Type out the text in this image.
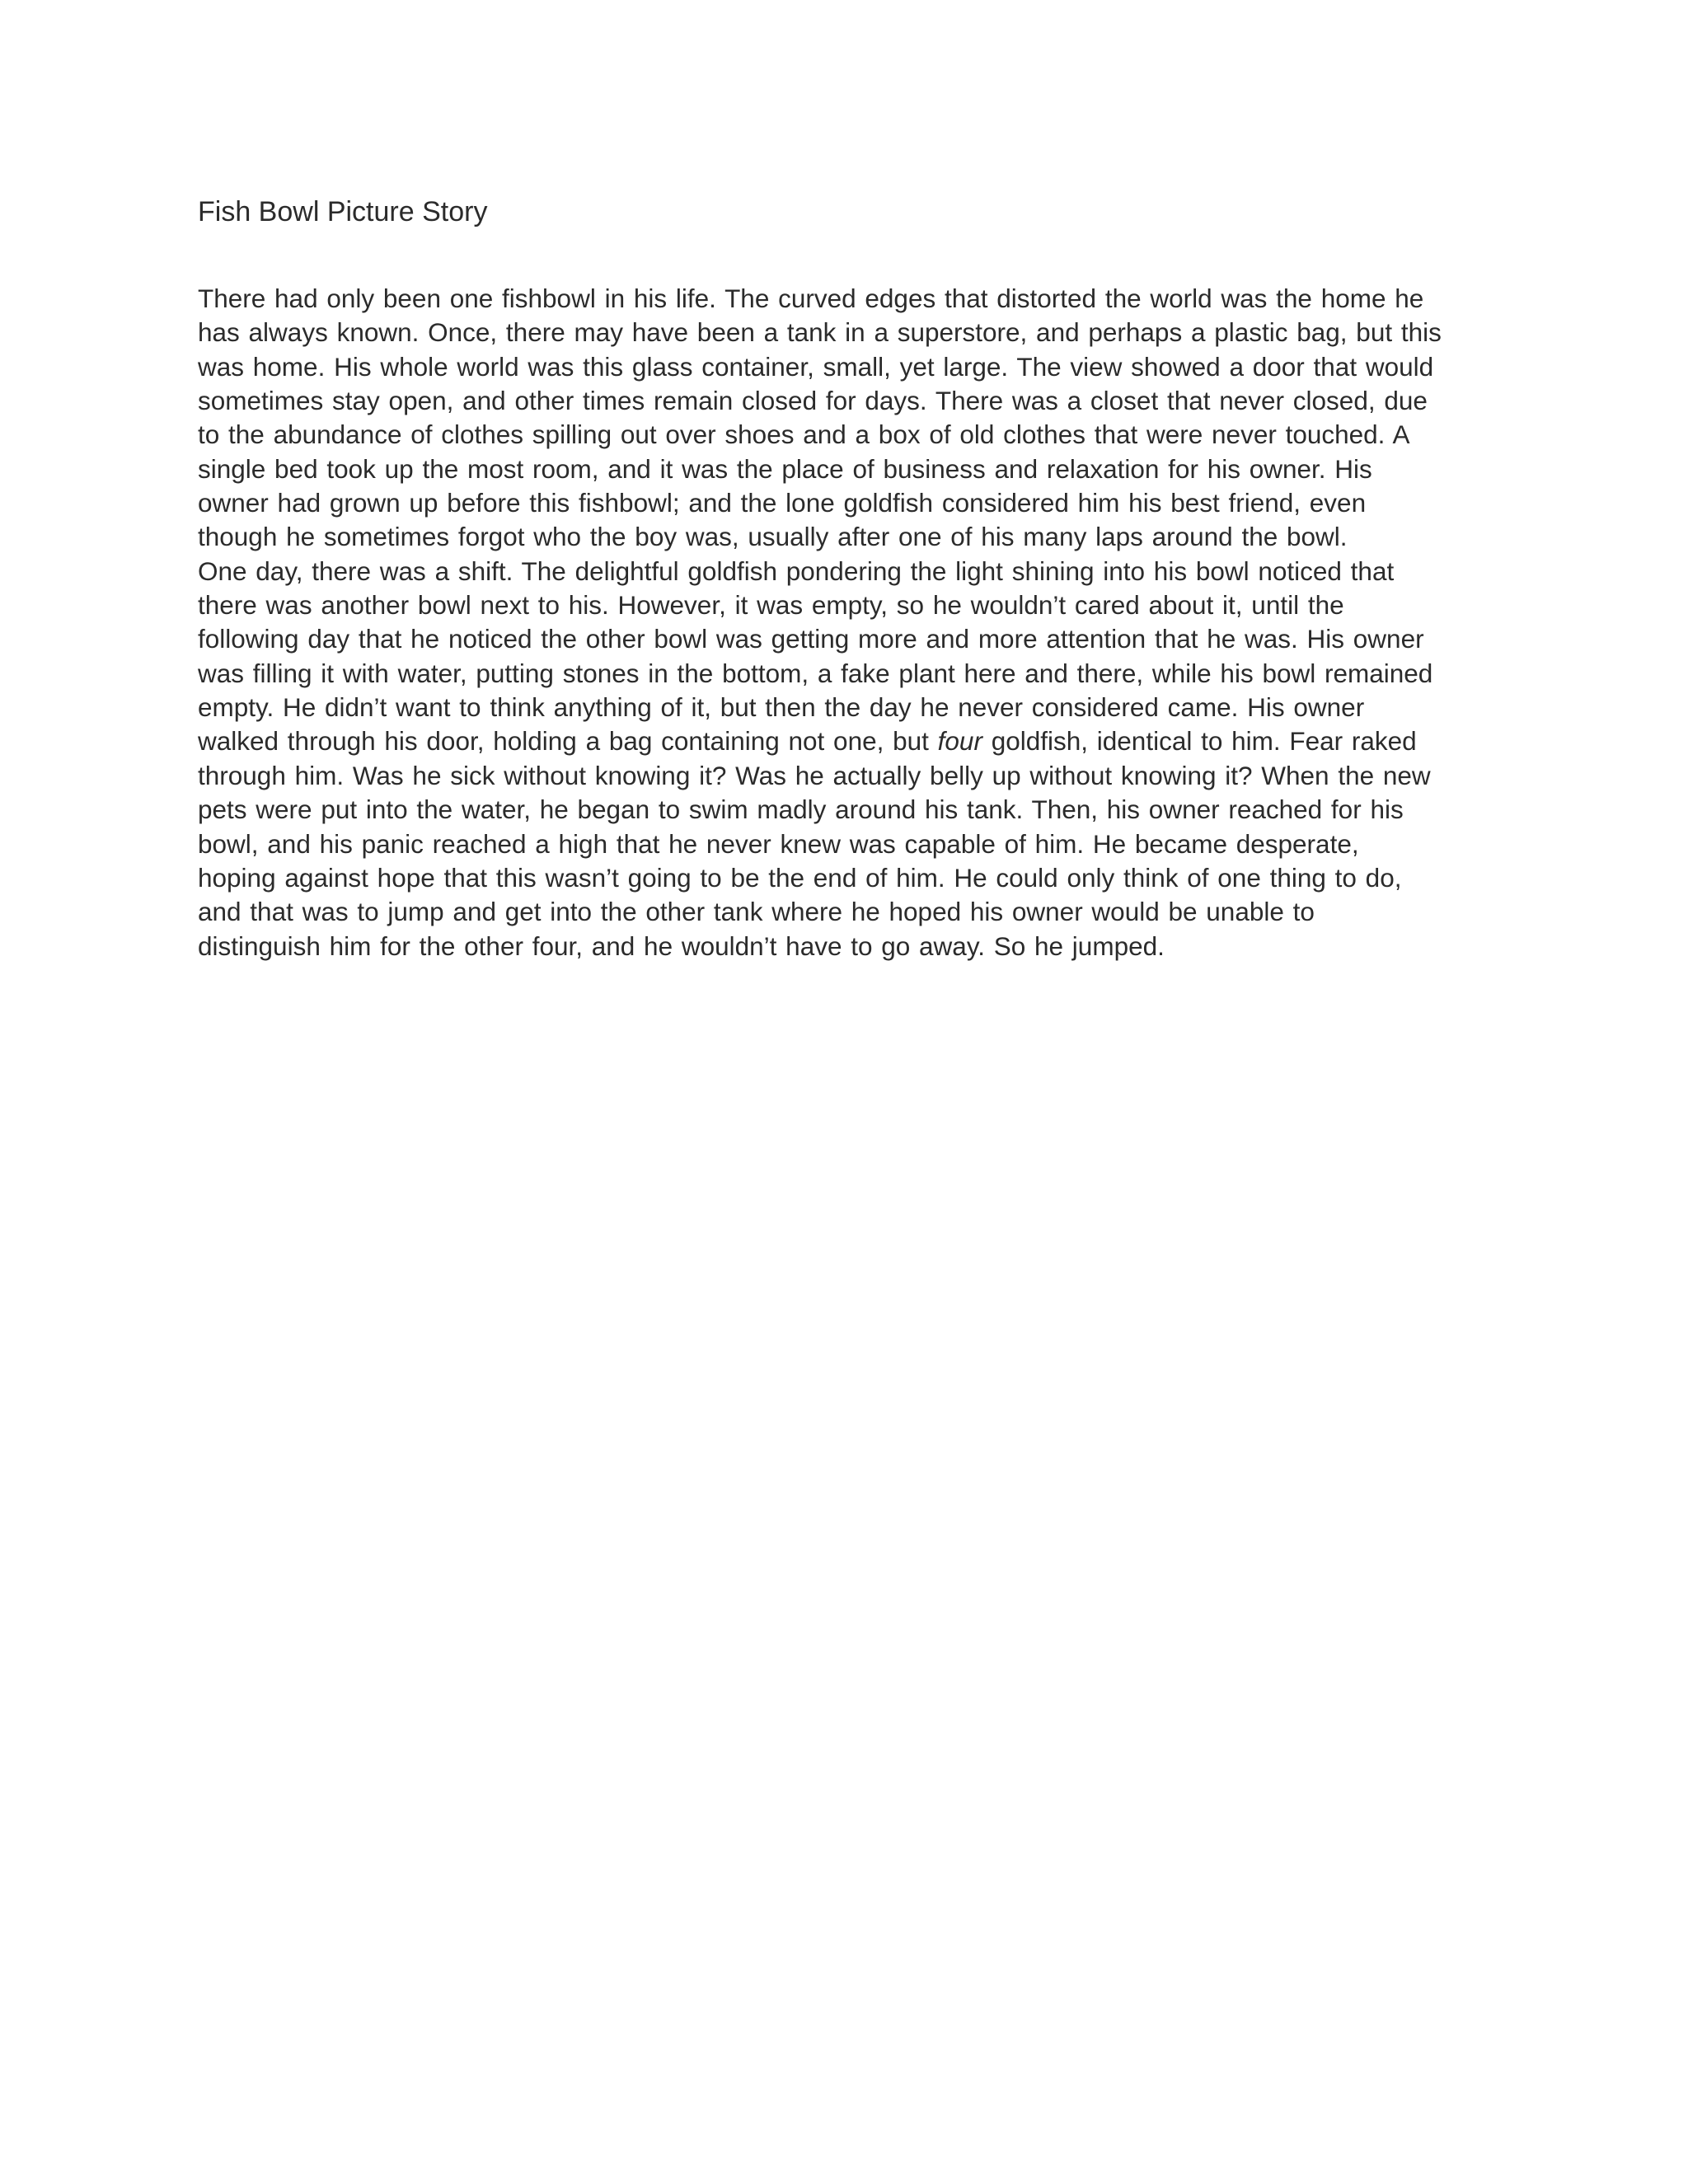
Fish Bowl Picture Story
There had only been one fishbowl in his life. The curved edges that distorted the world was the home he
has always known. Once, there may have been a tank in a superstore, and perhaps a plastic bag, but this
was home. His whole world was this glass container, small, yet large. The view showed a door that would
sometimes stay open, and other times remain closed for days. There was a closet that never closed, due
to the abundance of clothes spilling out over shoes and a box of old clothes that were never touched. A
single bed took up the most room, and it was the place of business and relaxation for his owner. His
owner had grown up before this fishbowl; and the lone goldfish considered him his best friend, even
though he sometimes forgot who the boy was, usually after one of his many laps around the bowl.
One day, there was a shift. The delightful goldfish pondering the light shining into his bowl noticed that
there was another bowl next to his. However, it was empty, so he wouldn’t cared about it, until the
following day that he noticed the other bowl was getting more and more attention that he was. His owner
was filling it with water, putting stones in the bottom, a fake plant here and there, while his bowl remained
empty. He didn’t want to think anything of it, but then the day he never considered came. His owner
walked through his door, holding a bag containing not one, but four goldfish, identical to him. Fear raked
through him. Was he sick without knowing it? Was he actually belly up without knowing it? When the new
pets were put into the water, he began to swim madly around his tank. Then, his owner reached for his
bowl, and his panic reached a high that he never knew was capable of him. He became desperate,
hoping against hope that this wasn’t going to be the end of him. He could only think of one thing to do,
and that was to jump and get into the other tank where he hoped his owner would be unable to
distinguish him for the other four, and he wouldn’t have to go away. So he jumped.
